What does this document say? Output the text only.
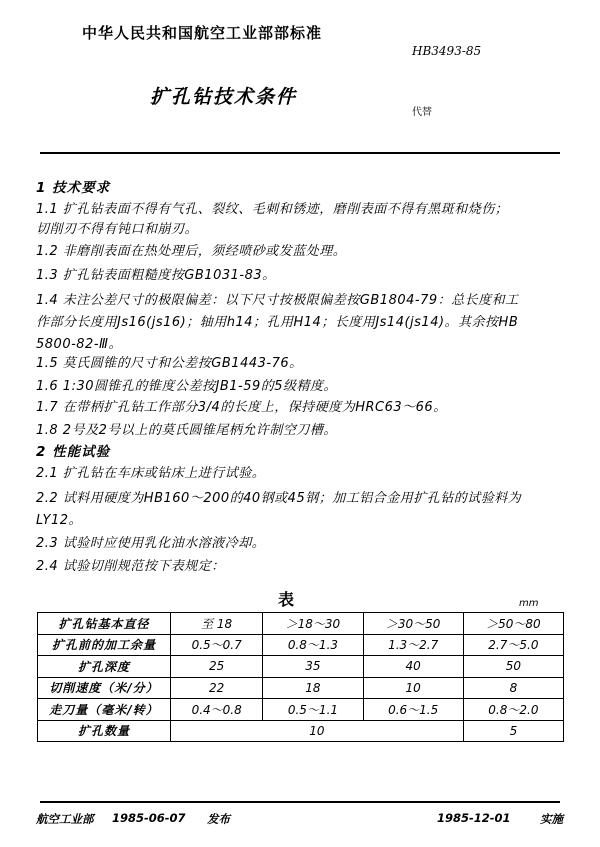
中华人民共和国航空工业部部标准
HB3493-85
扩孔钻技术条件
代替
1 技术要求
1.1 扩孔钻表面不得有气孔、裂纹、毛刺和锈迹，磨削表面不得有黑斑和烧伤；
切削刃不得有钝口和崩刃。
1.2 非磨削表面在热处理后，须经喷砂或发蓝处理。
1.3 扩孔钻表面粗糙度按GB1031-83。
1.4 未注公差尺寸的极限偏差：以下尺寸按极限偏差按GB1804-79：总长度和工
作部分长度用Js16(js16)；轴用h14；孔用H14；长度用Js14(js14)。其余按HB
5800-82-Ⅲ。
1.5 莫氏圆锥的尺寸和公差按GB1443-76。
1.6 1:30圆锥孔的锥度公差按JB1-59的5级精度。
1.7 在带柄扩孔钻工作部分3/4的长度上，保持硬度为HRC63～66。
1.8 2号及2号以上的莫氏圆锥尾柄允许制空刀槽。
2 性能试验
2.1 扩孔钻在车床或钻床上进行试验。
2.2 试料用硬度为HB160～200的40钢或45钢；加工铝合金用扩孔钻的试验料为
LY12。
2.3 试验时应使用乳化油水溶液冷却。
2.4 试验切削规范按下表规定：
表	mm
扩孔钻基本直径	至 18	＞18～30	＞30～50	＞50～80
扩孔前的加工余量	0.5～0.7	0.8～1.3	1.3～2.7	2.7～5.0
扩孔深度	25	35	40	50
切削速度（米/分）	22	18	10	8
走刀量（毫米/转）	0.4～0.8	0.5～1.1	0.6～1.5	0.8～2.0
扩孔数量	10			5
航空工业部 1985-06-07 发布	1985-12-01	实施
